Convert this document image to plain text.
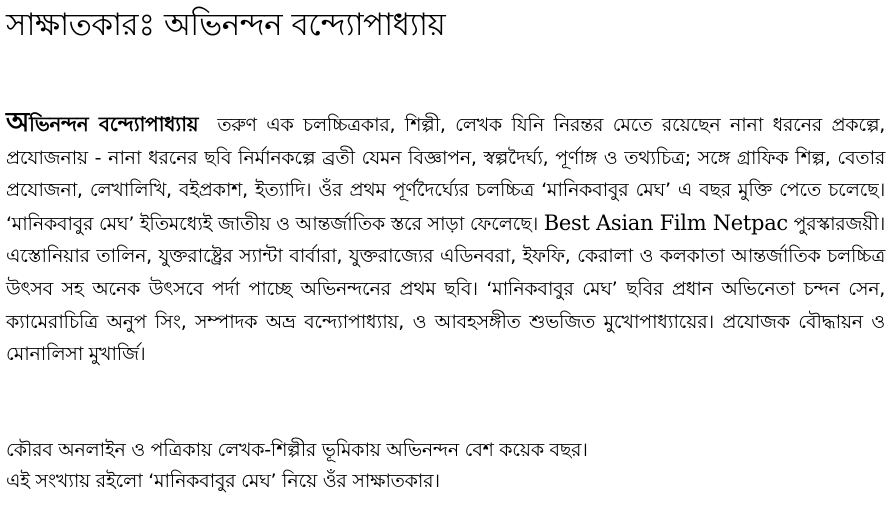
সাক্ষাতকারঃ অভিনন্দন বন্দ্যোপাধ্যায়

অভিনন্দন বন্দ্যোপাধ্যায় তরুণ এক চলচ্চিত্রকার, শিল্পী, লেখক যিনি নিরন্তর মেতে রয়েছেন নানা ধরনের প্রকল্পে, প্রযোজনায় - নানা ধরনের ছবি নির্মানকল্পে ব্রতী যেমন বিজ্ঞাপন, স্বল্পদৈর্ঘ্য, পূর্ণাঙ্গ ও তথ্যচিত্র; সঙ্গে গ্রাফিক শিল্প, বেতার প্রযোজনা, লেখালিখি, বইপ্রকাশ, ইত্যাদি। ওঁর প্রথম পূর্ণদৈর্ঘ্যের চলচ্চিত্র ‘মানিকবাবুর মেঘ’ এ বছর মুক্তি পেতে চলেছে। ‘মানিকবাবুর মেঘ’ ইতিমধ্যেই জাতীয় ও আন্তর্জাতিক স্তরে সাড়া ফেলেছে। Best Asian Film Netpac পুরস্কারজয়ী। এস্তোনিয়ার তালিন, যুক্তরাষ্ট্রের স্যান্টা বার্বারা, যুক্তরাজ্যের এডিনবরা, ইফফি, কেরালা ও কলকাতা আন্তর্জাতিক চলচ্চিত্র উৎসব সহ অনেক উৎসবে পর্দা পাচ্ছে অভিনন্দনের প্রথম ছবি। ‘মানিকবাবুর মেঘ’ ছবির প্রধান অভিনেতা চন্দন সেন, ক্যামেরাচিত্রি অনুপ সিং, সম্পাদক অভ্র বন্দ্যোপাধ্যায়, ও আবহসঙ্গীত শুভজিত মুখোপাধ্যায়ের। প্রযোজক বৌদ্ধায়ন ও মোনালিসা মুখার্জি।

কৌরব অনলাইন ও পত্রিকায় লেখক-শিল্পীর ভূমিকায় অভিনন্দন বেশ কয়েক বছর।
এই সংখ্যায় রইলো ‘মানিকবাবুর মেঘ’ নিয়ে ওঁর সাক্ষাতকার।
